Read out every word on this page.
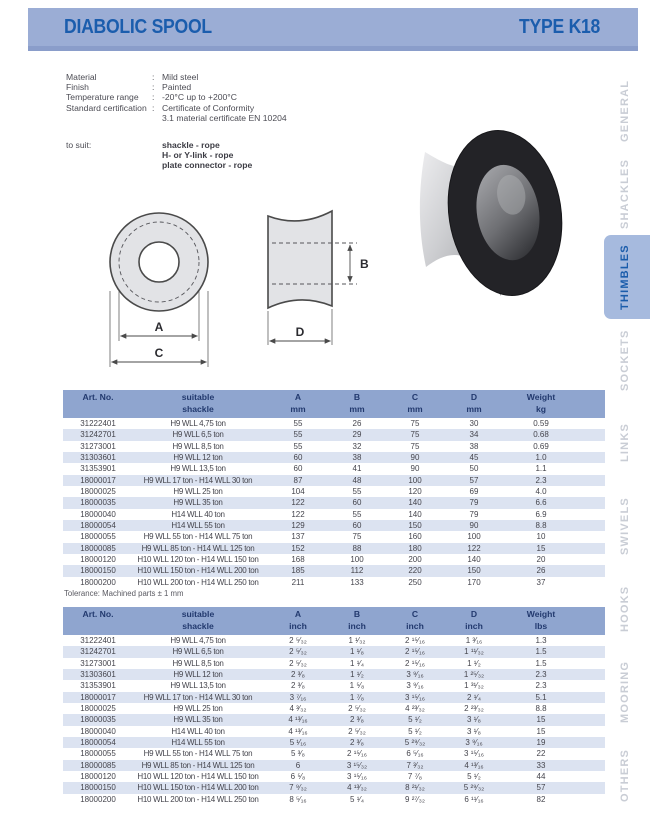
DIABOLIC SPOOL	TYPE K18
Material	: Mild steel
Finish	: Painted
Temperature range	: -20°C up to +200°C
Standard certification : Certificate of Conformity
3.1 material certificate EN 10204
to suit:	shackle - rope
H- or Y-link - rope
plate connector - rope
A
C
B
D
GENERAL
SHACKLES
THIMBLES
SOCKETS
LINKS
SWIVELS
HOOKS
MOORING
OTHERS
Art. No.	suitable
shackle

A
mm

B
mm

C
mm

D
mm

Weight
kg

31222401	H9 WLL 4,75 ton	55	26	75	30	0.59
31242701	H9 WLL 6,5 ton	55	29	75	34	0.68
31273001	H9 WLL 8,5 ton	55	32	75	38	0.69
31303601	H9 WLL 12 ton	60	38	90	45	1.0
31353901	H9 WLL 13,5 ton	60	41	90	50	1.1
18000017	H9 WLL 17 ton - H14 WLL 30 ton	87	48	100	57	2.3
18000025	H9 WLL 25 ton	104	55	120	69	4.0
18000035	H9 WLL 35 ton	122	60	140	79	6.6
18000040	H14 WLL 40 ton	122	55	140	79	6.9
18000054	H14 WLL 55 ton	129	60	150	90	8.8
18000055	H9 WLL 55 ton - H14 WLL 75 ton	137	75	160	100	10
18000085	H9 WLL 85 ton - H14 WLL 125 ton	152	88	180	122	15
18000120	H10 WLL 120 ton - H14 WLL 150 ton	168	100	200	140	20
18000150	H10 WLL 150 ton - H14 WLL 200 ton	185	112	220	150	26
18000200	H10 WLL 200 ton - H14 WLL 250 ton	211	133	250	170	37
Tolerance: Machined parts ± 1 mm
Art. No.	suitable
shackle

A
inch

B
inch

C
inch

D
inch

Weight
lbs

31222401	H9 WLL 4,75 ton	2 ⁵⁄₃₂	1 ¹⁄₃₂	2 ¹⁵⁄₁₆	1 ³⁄₁₆	1.3
31242701	H9 WLL 6,5 ton	2 ⁵⁄₃₂	1 ¹⁄₈	2 ¹⁵⁄₁₆	1 ¹¹⁄₃₂	1.5
31273001	H9 WLL 8,5 ton	2 ⁵⁄₃₂	1 ¹⁄₄	2 ¹⁵⁄₁₆	1 ¹⁄₂	1.5
31303601	H9 WLL 12 ton	2 ³⁄₈	1 ¹⁄₂	3 ⁹⁄₁₆	1 ²⁵⁄₃₂	2.3
31353901	H9 WLL 13,5 ton	2 ³⁄₈	1 ⁵⁄₈	3 ⁹⁄₁₆	1 ³¹⁄₃₂	2.3
18000017	H9 WLL 17 ton - H14 WLL 30 ton	3 ⁷⁄₁₆	1 ⁷⁄₈	3 ¹⁵⁄₁₆	2 ¹⁄₄	5.1
18000025	H9 WLL 25 ton	4 ³⁄₃₂	2 ⁵⁄₃₂	4 ²³⁄₃₂	2 ²³⁄₃₂	8.8
18000035	H9 WLL 35 ton	4 ¹³⁄₁₆	2 ³⁄₈	5 ¹⁄₂	3 ¹⁄₈	15
18000040	H14 WLL 40 ton	4 ¹³⁄₁₆	2 ⁵⁄₃₂	5 ¹⁄₂	3 ¹⁄₈	15
18000054	H14 WLL 55 ton	5 ¹⁄₁₆	2 ³⁄₈	5 ²⁹⁄₃₂	3 ⁹⁄₁₆	19
18000055	H9 WLL 55 ton - H14 WLL 75 ton	5 ³⁄₈	2 ¹⁵⁄₁₆	6 ⁵⁄₁₆	3 ¹⁵⁄₁₆	22
18000085	H9 WLL 85 ton - H14 WLL 125 ton	6	3 ¹⁵⁄₃₂	7 ³⁄₃₂	4 ¹³⁄₁₆	33
18000120	H10 WLL 120 ton - H14 WLL 150 ton	6 ⁵⁄₈	3 ¹⁵⁄₁₆	7 ⁷⁄₈	5 ¹⁄₂	44
18000150	H10 WLL 150 ton - H14 WLL 200 ton	7 ⁹⁄₃₂	4 ¹³⁄₃₂	8 ²¹⁄₃₂	5 ²⁹⁄₃₂	57
18000200	H10 WLL 200 ton - H14 WLL 250 ton	8 ⁵⁄₁₆	5 ¹⁄₄	9 ²⁷⁄₃₂	6 ¹¹⁄₁₆	82
